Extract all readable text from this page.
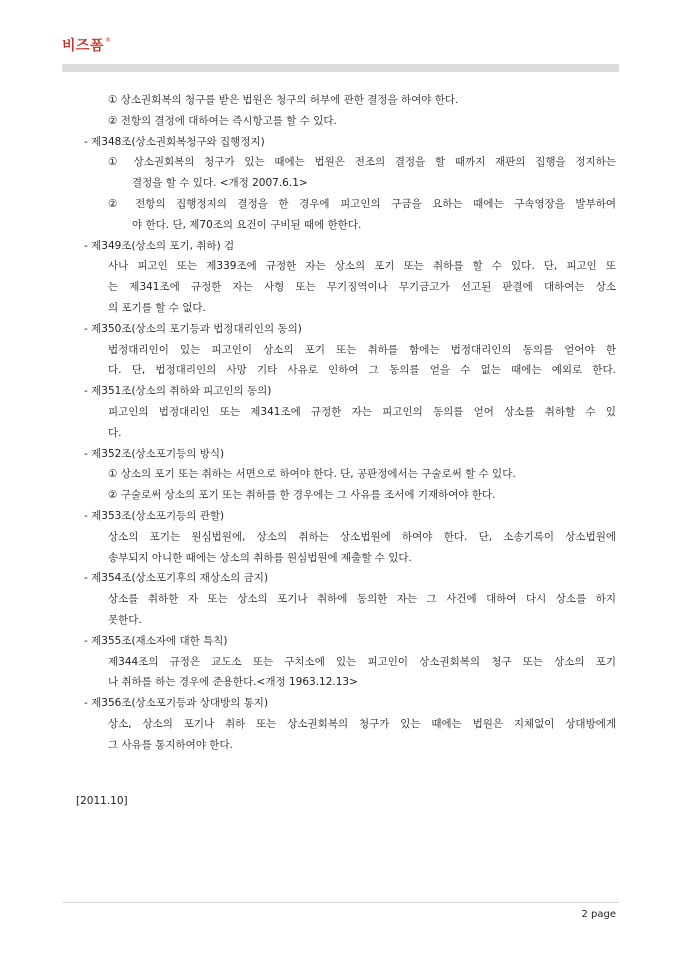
비즈폼 ®
① 상소권회복의 청구를 받은 법원은 청구의 허부에 관한 결정을 하여야 한다.
② 전항의 결정에 대하여는 즉시항고를 할 수 있다.
- 제348조(상소권회복청구와 집행정지)
① 상소권회복의 청구가 있는 때에는 법원은 전조의 결정을 할 때까지 재판의 집행을 정지하는
결정을 할 수 있다. <개정 2007.6.1>
② 전항의 집행정지의 결정을 한 경우에 피고인의 구금을 요하는 때에는 구속영장을 발부하여
야 한다. 단, 제70조의 요건이 구비된 때에 한한다.
- 제349조(상소의 포기, 취하) 검
사나 피고인 또는 제339조에 규정한 자는 상소의 포기 또는 취하를 할 수 있다. 단, 피고인 또
는 제341조에 규정한 자는 사형 또는 무기징역이나 무기금고가 선고된 판결에 대하여는 상소
의 포기를 할 수 없다.
- 제350조(상소의 포기등과 법정대리인의 동의)
법정대리인이 있는 피고인이 상소의 포기 또는 취하를 함에는 법정대리인의 동의를 얻어야 한
다. 단, 법정대리인의 사망 기타 사유로 인하여 그 동의를 얻을 수 없는 때에는 예외로 한다.
- 제351조(상소의 취하와 피고인의 동의)
피고인의 법정대리인 또는 제341조에 규정한 자는 피고인의 동의를 얻어 상소를 취하할 수 있
다.
- 제352조(상소포기등의 방식)
① 상소의 포기 또는 취하는 서면으로 하여야 한다. 단, 공판정에서는 구술로써 할 수 있다.
② 구술로써 상소의 포기 또는 취하를 한 경우에는 그 사유를 조서에 기재하여야 한다.
- 제353조(상소포기등의 관할)
상소의 포기는 원심법원에, 상소의 취하는 상소법원에 하여야 한다. 단, 소송기록이 상소법원에
송부되지 아니한 때에는 상소의 취하를 원심법원에 제출할 수 있다.
- 제354조(상소포기후의 재상소의 금지)
상소를 취하한 자 또는 상소의 포기나 취하에 동의한 자는 그 사건에 대하여 다시 상소를 하지
못한다.
- 제355조(재소자에 대한 특칙)
제344조의 규정은 교도소 또는 구치소에 있는 피고인이 상소권회복의 청구 또는 상소의 포기
나 취하를 하는 경우에 준용한다.<개정 1963.12.13>
- 제356조(상소포기등과 상대방의 통지)
상소, 상소의 포기나 취하 또는 상소권회복의 청구가 있는 때에는 법원은 지체없이 상대방에게
그 사유를 통지하여야 한다.
[2011.10]
2 page
